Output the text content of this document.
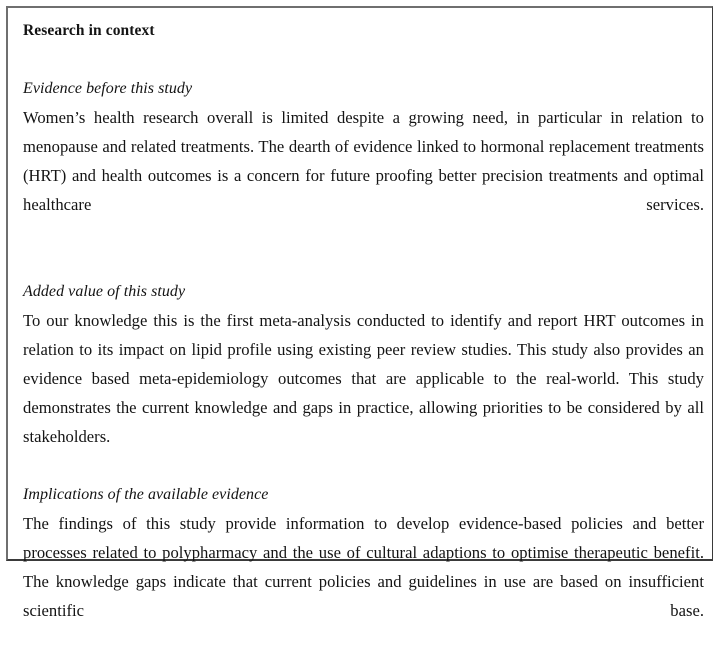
Research in context
Evidence before this study
Women’s health research overall is limited despite a growing need, in particular in relation to menopause and related treatments. The dearth of evidence linked to hormonal replacement treatments (HRT) and health outcomes is a concern for future proofing better precision treatments and optimal healthcare services.
Added value of this study
To our knowledge this is the first meta-analysis conducted to identify and report HRT outcomes in relation to its impact on lipid profile using existing peer review studies. This study also provides an evidence based meta-epidemiology outcomes that are applicable to the real-world. This study demonstrates the current knowledge and gaps in practice, allowing priorities to be considered by all stakeholders.
Implications of the available evidence
The findings of this study provide information to develop evidence-based policies and better processes related to polypharmacy and the use of cultural adaptions to optimise therapeutic benefit. The knowledge gaps indicate that current policies and guidelines in use are based on insufficient scientific base.
